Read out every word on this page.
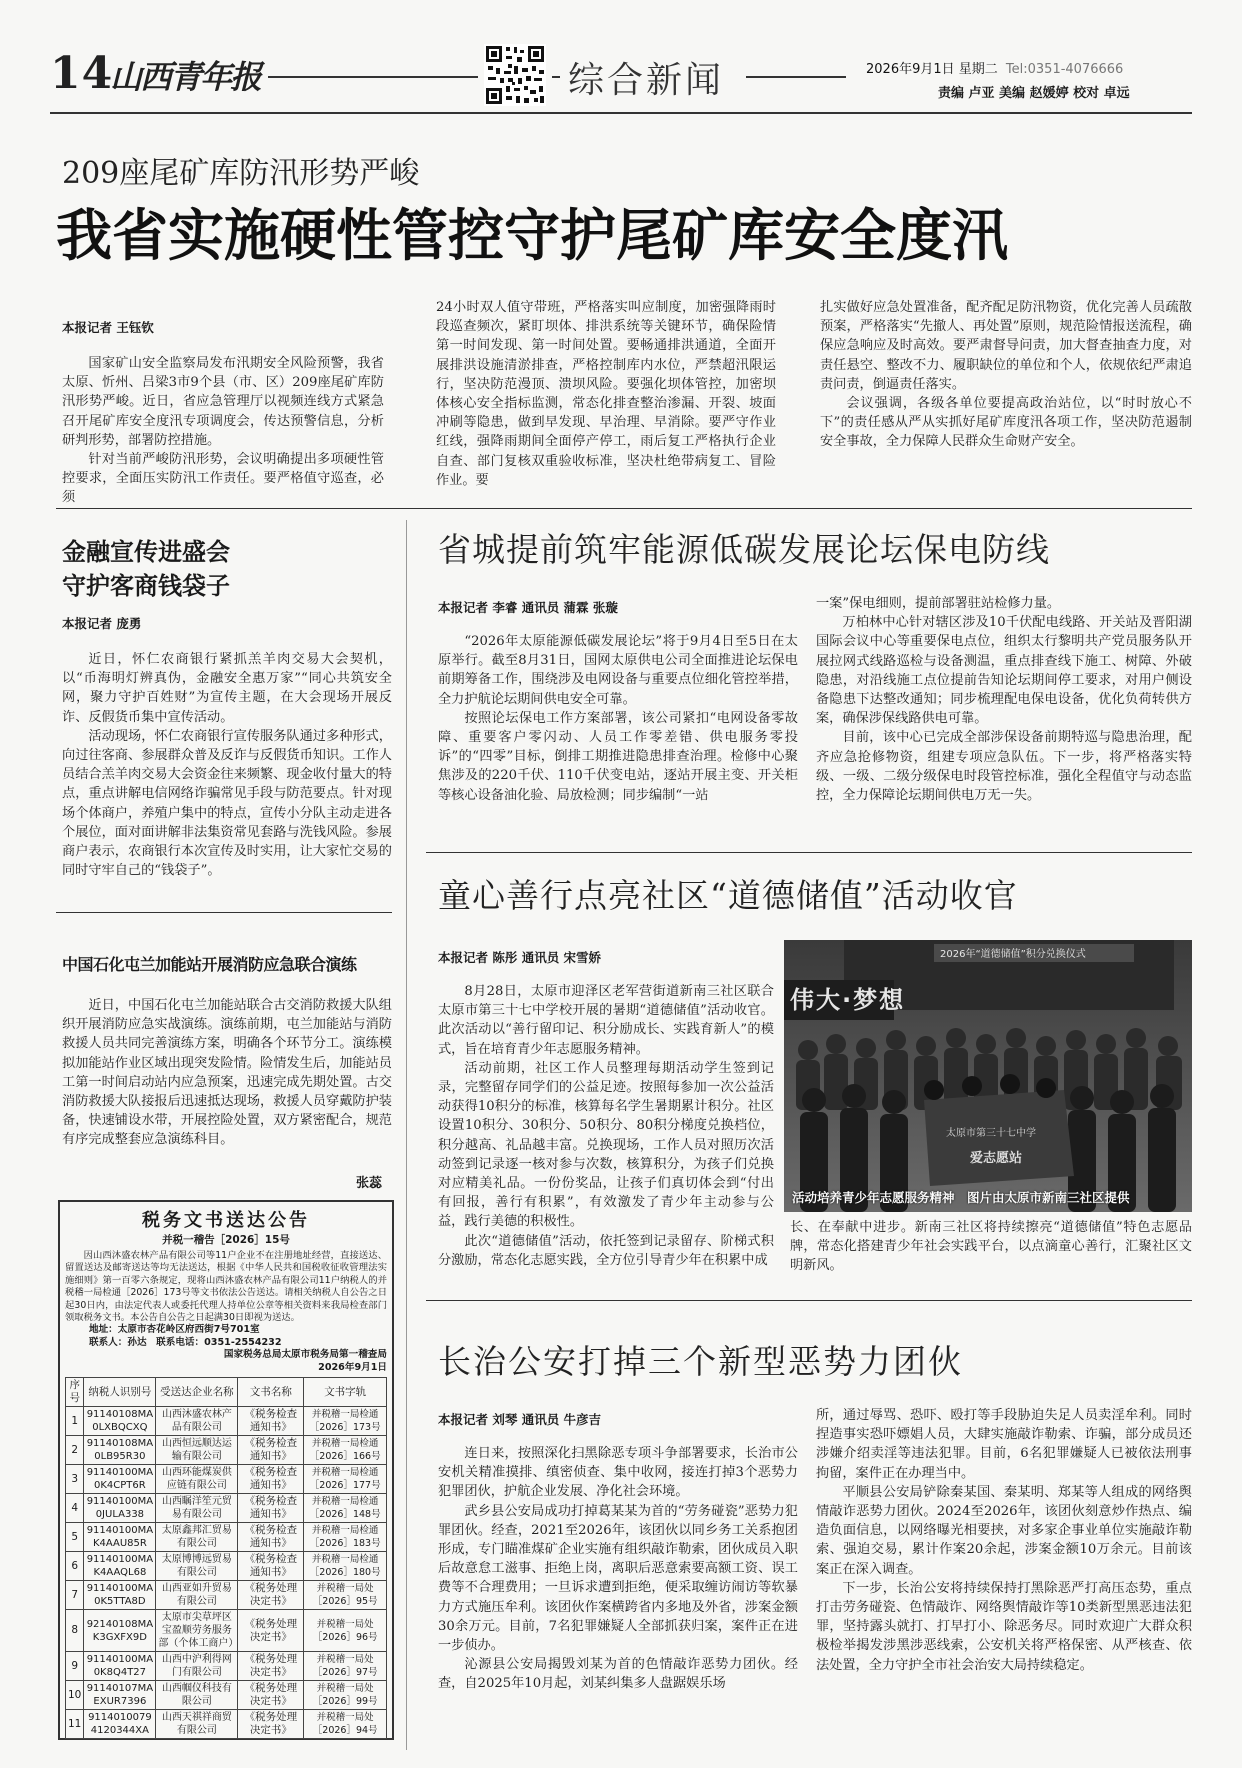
14
山西青年报	综合新闻	2026年9月1日 星期二 Tel:0351-4076666
责编 卢亚 美编 赵媛婷 校对 卓远
209座尾矿库防汛形势严峻
我省实施硬性管控守护尾矿库安全度汛
本报记者 王钰钦

国家矿山安全监察局发布汛期安全风险预警，我省太原、忻州、吕梁3市9个县（市、区）209座尾矿库防汛形势严峻。近日，省应急管理厅以视频连线方式紧急召开尾矿库安全度汛专项调度会，传达预警信息，分析研判形势，部署防控措施。

针对当前严峻防汛形势，会议明确提出多项硬性管控要求，全面压实防汛工作责任。要严格值守巡查，必须

24小时双人值守带班，严格落实叫应制度，加密强降雨时段巡查频次，紧盯坝体、排洪系统等关键环节，确保险情第一时间发现、第一时间处置。要畅通排洪通道，全面开展排洪设施清淤排查，严格控制库内水位，严禁超汛限运行，坚决防范漫顶、溃坝风险。要强化坝体管控，加密坝体核心安全指标监测，常态化排查整治渗漏、开裂、坡面冲刷等隐患，做到早发现、早治理、早消除。要严守作业红线，强降雨期间全面停产停工，雨后复工严格执行企业自查、部门复核双重验收标准，坚决杜绝带病复工、冒险作业。要

扎实做好应急处置准备，配齐配足防汛物资，优化完善人员疏散预案，严格落实“先撤人、再处置”原则，规范险情报送流程，确保应急响应及时高效。要严肃督导问责，加大督查抽查力度，对责任悬空、整改不力、履职缺位的单位和个人，依规依纪严肃追责问责，倒逼责任落实。

会议强调，各级各单位要提高政治站位，以“时时放心不下”的责任感从严从实抓好尾矿库度汛各项工作，坚决防范遏制安全事故，全力保障人民群众生命财产安全。

金融宣传进盛会
守护客商钱袋子
本报记者 庞勇

近日，怀仁农商银行紧抓羔羊肉交易大会契机，以“币海明灯辨真伪，金融安全惠万家”“同心共筑安全网，聚力守护百姓财”为宣传主题，在大会现场开展反诈、反假货币集中宣传活动。

活动现场，怀仁农商银行宣传服务队通过多种形式，向过往客商、参展群众普及反诈与反假货币知识。工作人员结合羔羊肉交易大会资金往来频繁、现金收付量大的特点，重点讲解电信网络诈骗常见手段与防范要点。针对现场个体商户，养殖户集中的特点，宣传小分队主动走进各个展位，面对面讲解非法集资常见套路与洗钱风险。参展商户表示，农商银行本次宣传及时实用，让大家忙交易的同时守牢自己的“钱袋子”。

中国石化屯兰加能站开展消防应急联合演练

近日，中国石化屯兰加能站联合古交消防救援大队组织开展消防应急实战演练。演练前期，屯兰加能站与消防救援人员共同完善演练方案，明确各个环节分工。演练模拟加能站作业区域出现突发险情。险情发生后，加能站员工第一时间启动站内应急预案，迅速完成先期处置。古交消防救援大队接报后迅速抵达现场，救援人员穿戴防护装备，快速铺设水带，开展控险处置，双方紧密配合，规范有序完成整套应急演练科目。

张蕊
税务文书送达公告
并税一稽告［2026］15号
因山西沐盛农林产品有限公司等11户企业不在注册地址经营，直接送达、留置送达及邮寄送达等均无法送达，根据《中华人民共和国税收征收管理法实施细则》第一百零六条规定，现将山西沐盛农林产品有限公司11户纳税人的并税稽一局检通［2026］173号等文书依法公告送达。请相关纳税人自公告之日起30日内，由法定代表人或委托代理人持单位公章等相关资料来我局检查部门领取税务文书。本公告自公告之日起满30日即视为送达。
地址：太原市杏花岭区府西街7号701室
联系人：孙达　联系电话：0351-2554232
国家税务总局太原市税务局第一稽查局
2026年9月1日
序号	纳税人识别号	受送达企业名称	文书名称	文书字轨
1	91140108MA0LXBQCXQ	山西沐盛农林产品有限公司	《税务检查通知书》	并税稽一局检通［2026］173号
2	91140108MA0LB95R30	山西恒远顺达运输有限公司	《税务检查通知书》	并税稽一局检通［2026］166号
3	91140100MA0K4CPT6R	山西环能煤炭供应链有限公司	《税务检查通知书》	并税稽一局检通［2026］177号
4	91140100MA0JULA338	山西瞩洋笙元贸易有限公司	《税务检查通知书》	并税稽一局检通［2026］148号
5	91140100MAK4AAU85R	太原鑫邦汇贸易有限公司	《税务检查通知书》	并税稽一局检通［2026］183号
6	91140100MAK4AAQL68	太原博博远贸易有限公司	《税务检查通知书》	并税稽一局检通［2026］180号
7	91140100MA0K5TTA8D	山西亚如升贸易有限公司	《税务处理决定书》	并税稽一局处［2026］95号
8	92140108MAK3GXFX9D	太原市尖草坪区宝盈顺劳务服务部（个体工商户）	《税务处理决定书》	并税稽一局处［2026］96号
9	91140100MA0K8Q4T27	山西中沪利得网门有限公司	《税务处理决定书》	并税稽一局处［2026］97号
10	91140107MAEXUR7396	山西帼仪科技有限公司	《税务处理决定书》	并税稽一局处［2026］99号
11	91140100794120344XA	山西天祺祥商贸有限公司	《税务处理决定书》	并税稽一局处［2026］94号
省城提前筑牢能源低碳发展论坛保电防线
本报记者 李睿 通讯员 蒲霖 张璇

“2026年太原能源低碳发展论坛”将于9月4日至5日在太原举行。截至8月31日，国网太原供电公司全面推进论坛保电前期筹备工作，围绕涉及电网设备与重要点位细化管控举措，全力护航论坛期间供电安全可靠。

按照论坛保电工作方案部署，该公司紧扣“电网设备零故障、重要客户零闪动、人员工作零差错、供电服务零投诉”的“四零”目标，倒排工期推进隐患排查治理。检修中心聚焦涉及的220千伏、110千伏变电站，逐站开展主变、开关柜等核心设备油化验、局放检测；同步编制“一站

一案”保电细则，提前部署驻站检修力量。

万柏林中心针对辖区涉及10千伏配电线路、开关站及晋阳湖国际会议中心等重要保电点位，组织太行黎明共产党员服务队开展拉网式线路巡检与设备测温，重点排查线下施工、树障、外破隐患，对沿线施工点位提前告知论坛期间停工要求，对用户侧设备隐患下达整改通知；同步梳理配电保电设备，优化负荷转供方案，确保涉保线路供电可靠。

目前，该中心已完成全部涉保设备前期特巡与隐患治理，配齐应急抢修物资，组建专项应急队伍。下一步，将严格落实特级、一级、二级分级保电时段管控标准，强化全程值守与动态监控，全力保障论坛期间供电万无一失。

童心善行点亮社区“道德储值”活动收官
本报记者 陈彤 通讯员 宋雪娇

8月28日，太原市迎泽区老军营街道新南三社区联合太原市第三十七中学校开展的暑期“道德储值”活动收官。此次活动以“善行留印记、积分励成长、实践育新人”的模式，旨在培育青少年志愿服务精神。

活动前期，社区工作人员整理每期活动学生签到记录，完整留存同学们的公益足迹。按照每参加一次公益活动获得10积分的标准，核算每名学生暑期累计积分。社区设置10积分、30积分、50积分、80积分梯度兑换档位，积分越高、礼品越丰富。兑换现场，工作人员对照历次活动签到记录逐一核对参与次数，核算积分，为孩子们兑换对应精美礼品。一份份奖品，让孩子们真切体会到“付出有回报，善行有积累”，有效激发了青少年主动参与公益，践行美德的积极性。

此次“道德储值”活动，依托签到记录留存、阶梯式积分激励，常态化志愿实践，全方位引导青少年在积累中成

伟大·梦想
太原市第三十七中学
爱志愿站
2026年“道德储值”积分兑换仪式
活动培养青少年志愿服务精神　图片由太原市新南三社区提供

长、在奉献中进步。新南三社区将持续擦亮“道德储值”特色志愿品牌，常态化搭建青少年社会实践平台，以点滴童心善行，汇聚社区文明新风。

长治公安打掉三个新型恶势力团伙
本报记者 刘琴 通讯员 牛彦吉

连日来，按照深化扫黑除恶专项斗争部署要求，长治市公安机关精准摸排、缜密侦查、集中收网，接连打掉3个恶势力犯罪团伙，护航企业发展、净化社会环境。

武乡县公安局成功打掉葛某某为首的“劳务碰瓷”恶势力犯罪团伙。经查，2021至2026年，该团伙以同乡务工关系抱团形成，专门瞄准煤矿企业实施有组织敲诈勒索，团伙成员入职后故意怠工滋事、拒绝上岗，离职后恶意索要高额工资、误工费等不合理费用；一旦诉求遭到拒绝，便采取缠访闹访等软暴力方式施压牟利。该团伙作案横跨省内多地及外省，涉案金额30余万元。目前，7名犯罪嫌疑人全部抓获归案，案件正在进一步侦办。

沁源县公安局揭毁刘某为首的色情敲诈恶势力团伙。经查，自2025年10月起，刘某纠集多人盘踞娱乐场

所，通过辱骂、恐吓、殴打等手段胁迫失足人员卖淫牟利。同时捏造事实恐吓嫖娼人员，大肆实施敲诈勒索、诈骗，部分成员还涉嫌介绍卖淫等违法犯罪。目前，6名犯罪嫌疑人已被依法刑事拘留，案件正在办理当中。

平顺县公安局铲除秦某国、秦某明、郑某等人组成的网络舆情敲诈恶势力团伙。2024至2026年，该团伙刻意炒作热点、编造负面信息，以网络曝光相要挟，对多家企事业单位实施敲诈勒索、强迫交易，累计作案20余起，涉案金额10万余元。目前该案正在深入调查。

下一步，长治公安将持续保持打黑除恶严打高压态势，重点打击劳务碰瓷、色情敲诈、网络舆情敲诈等10类新型黑恶违法犯罪，坚持露头就打、打早打小、除恶务尽。同时欢迎广大群众积极检举揭发涉黑涉恶线索，公安机关将严格保密、从严核查、依法处置，全力守护全市社会治安大局持续稳定。
